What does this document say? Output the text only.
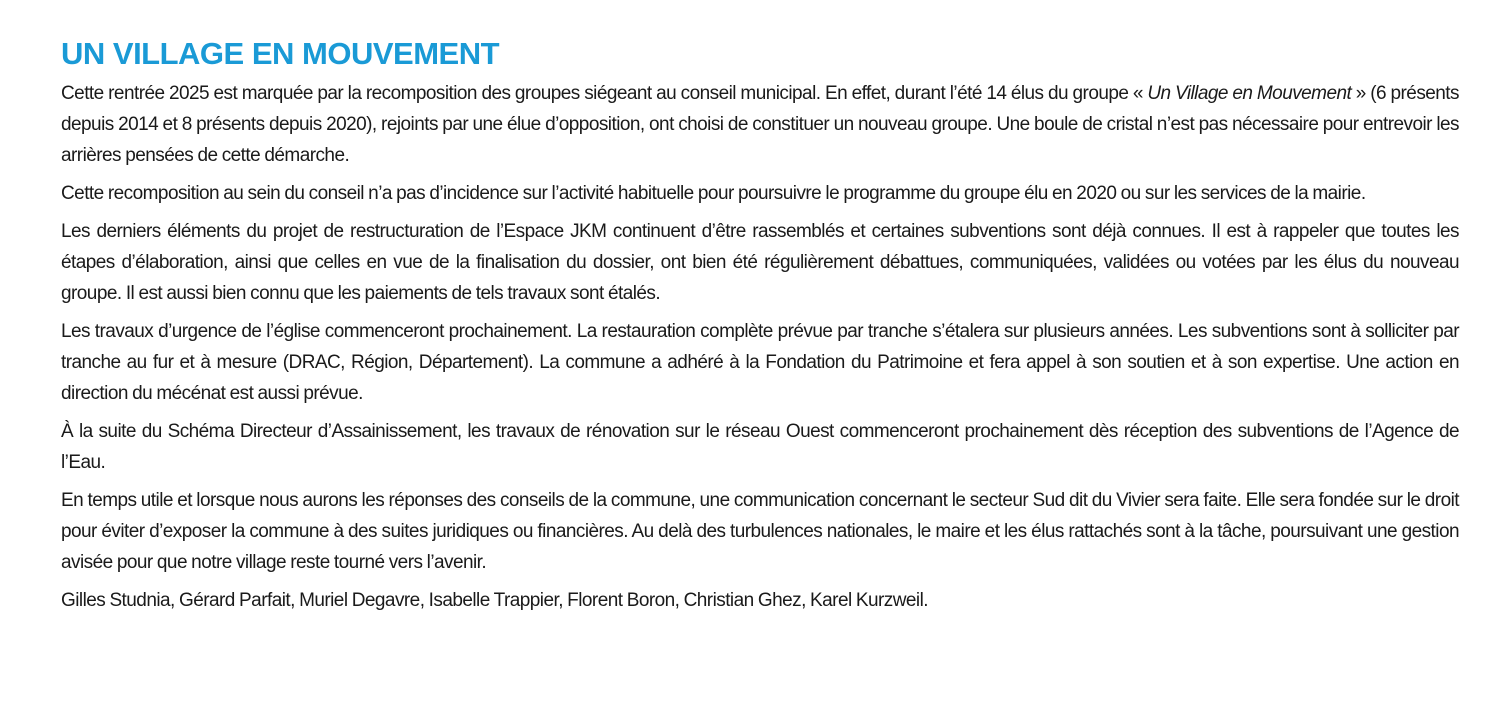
UN VILLAGE EN MOUVEMENT

Cette rentrée 2025 est marquée par la recomposition des groupes siégeant au conseil municipal. En effet, durant l’été 14 élus du groupe « Un Village en Mouvement » (6 présents depuis 2014 et 8 présents depuis 2020), rejoints par une élue d’opposition, ont choisi de constituer un nouveau groupe. Une boule de cristal n’est pas nécessaire pour entrevoir les arrières pensées de cette démarche.

Cette recomposition au sein du conseil n’a pas d’incidence sur l’activité habituelle pour poursuivre le programme du groupe élu en 2020 ou sur les services de la mairie.

Les derniers éléments du projet de restructuration de l’Espace JKM continuent d’être rassemblés et certaines subventions sont déjà connues. Il est à rappeler que toutes les étapes d’élaboration, ainsi que celles en vue de la finalisation du dossier, ont bien été régulièrement débattues, communiquées, validées ou votées par les élus du nouveau groupe. Il est aussi bien connu que les paiements de tels travaux sont étalés.

Les travaux d’urgence de l’église commenceront prochainement. La restauration complète prévue par tranche s’étalera sur plusieurs années. Les subventions sont à solliciter par tranche au fur et à mesure (DRAC, Région, Département). La commune a adhéré à la Fondation du Patrimoine et fera appel à son soutien et à son expertise. Une action en direction du mécénat est aussi prévue.

À la suite du Schéma Directeur d’Assainissement, les travaux de rénovation sur le réseau Ouest commenceront prochainement dès réception des subventions de l’Agence de l’Eau.

En temps utile et lorsque nous aurons les réponses des conseils de la commune, une communication concernant le secteur Sud dit du Vivier sera faite. Elle sera fondée sur le droit pour éviter d’exposer la commune à des suites juridiques ou financières. Au delà des turbulences nationales, le maire et les élus rattachés sont à la tâche, poursuivant une gestion avisée pour que notre village reste tourné vers l’avenir.

Gilles Studnia, Gérard Parfait, Muriel Degavre, Isabelle Trappier, Florent Boron, Christian Ghez, Karel Kurzweil.
